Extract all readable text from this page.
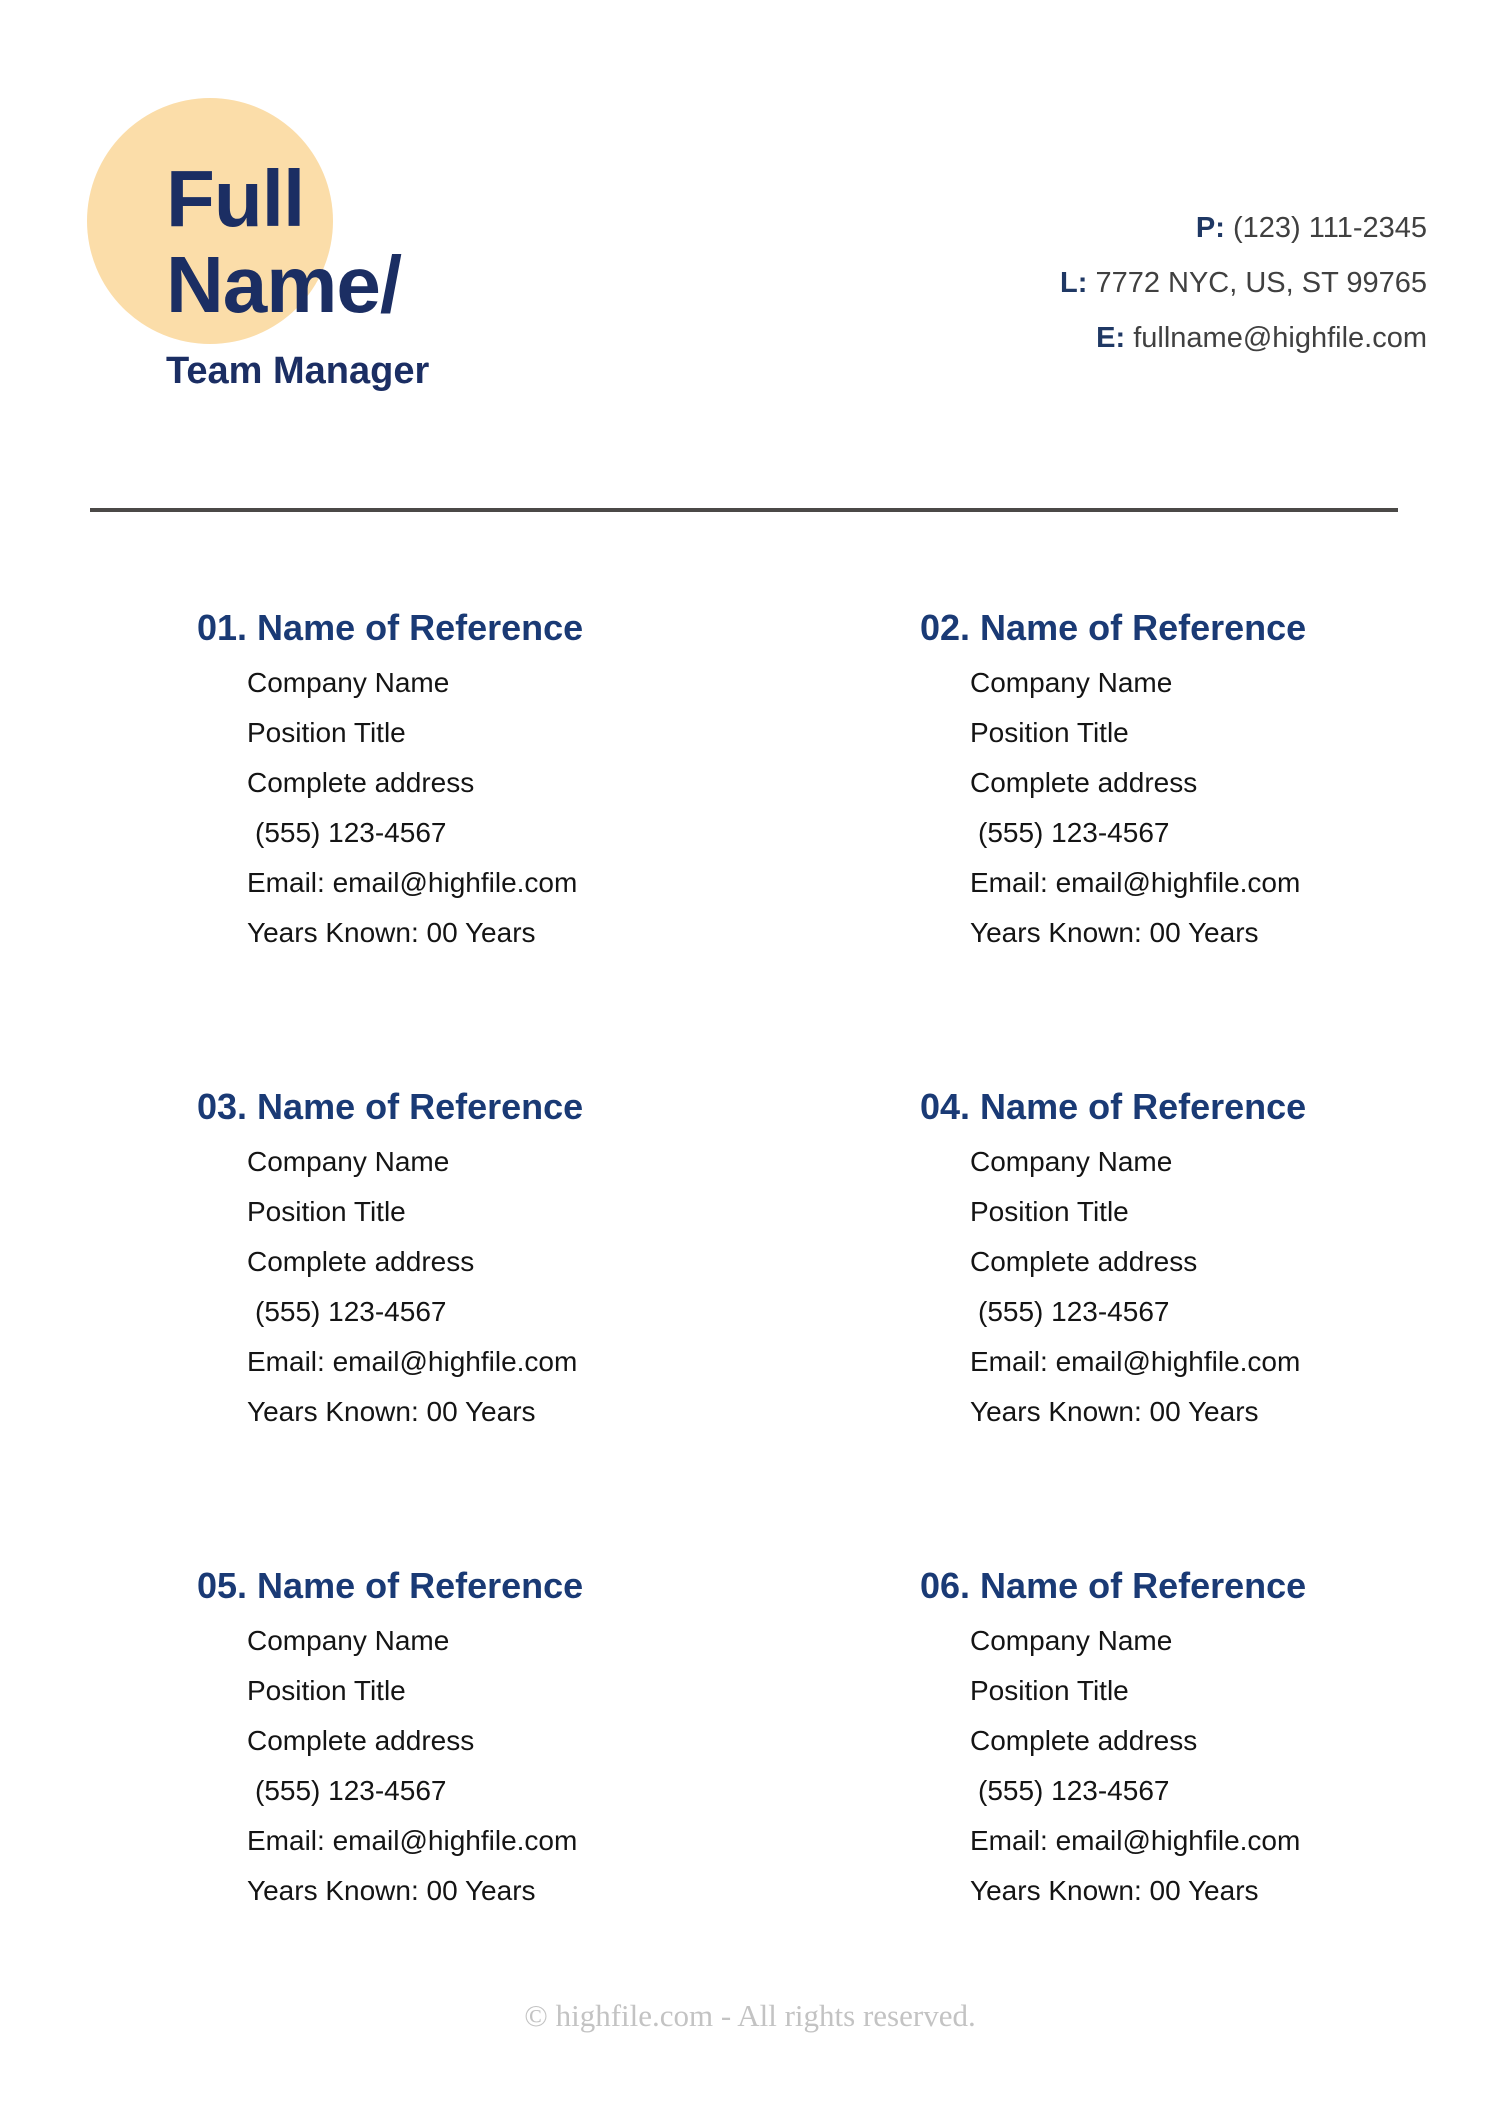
Full
Name/
Team Manager
P: (123) 111-2345
L: 7772 NYC, US, ST 99765
E: fullname@highfile.com
01. Name of Reference
Company Name
Position Title
Complete address
(555) 123-4567
Email: email@highfile.com
Years Known: 00 Years
02. Name of Reference
Company Name
Position Title
Complete address
(555) 123-4567
Email: email@highfile.com
Years Known: 00 Years
03. Name of Reference
Company Name
Position Title
Complete address
(555) 123-4567
Email: email@highfile.com
Years Known: 00 Years
04. Name of Reference
Company Name
Position Title
Complete address
(555) 123-4567
Email: email@highfile.com
Years Known: 00 Years
05. Name of Reference
Company Name
Position Title
Complete address
(555) 123-4567
Email: email@highfile.com
Years Known: 00 Years
06. Name of Reference
Company Name
Position Title
Complete address
(555) 123-4567
Email: email@highfile.com
Years Known: 00 Years
© highfile.com - All rights reserved.
